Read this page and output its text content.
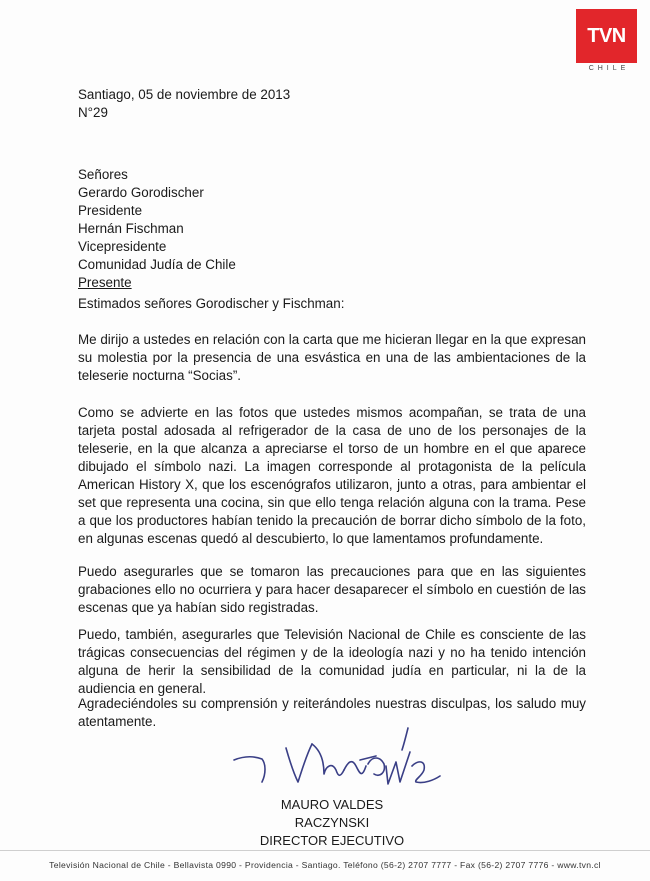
TVN
CHILE
Santiago, 05 de noviembre de 2013
N°29
Señores
Gerardo Gorodischer
Presidente
Hernán Fischman
Vicepresidente
Comunidad Judía de Chile
Presente
Estimados señores Gorodischer y Fischman:

Me dirijo a ustedes en relación con la carta que me hicieran llegar en la que expresan su molestia por la presencia de una esvástica en una de las ambientaciones de la teleserie nocturna “Socias”.

Como se advierte en las fotos que ustedes mismos acompañan, se trata de una tarjeta postal adosada al refrigerador de la casa de uno de los personajes de la teleserie, en la que alcanza a apreciarse el torso de un hombre en el que aparece dibujado el símbolo nazi. La imagen corresponde al protagonista de la película American History X, que los escenógrafos utilizaron, junto a otras, para ambientar el set que representa una cocina, sin que ello tenga relación alguna con la trama. Pese a que los productores habían tenido la precaución de borrar dicho símbolo de la foto, en algunas escenas quedó al descubierto, lo que lamentamos profundamente.

Puedo asegurarles que se tomaron las precauciones para que en las siguientes grabaciones ello no ocurriera y para hacer desaparecer el símbolo en cuestión de las escenas que ya habían sido registradas.

Puedo, también, asegurarles que Televisión Nacional de Chile es consciente de las trágicas consecuencias del régimen y de la ideología nazi y no ha tenido intención alguna de herir la sensibilidad de la comunidad judía en particular, ni la de la audiencia en general.

Agradeciéndoles su comprensión y reiterándoles nuestras disculpas, los saludo muy atentamente.

MAURO VALDES RACZYNSKI
DIRECTOR EJECUTIVO
Televisión Nacional de Chile - Bellavista 0990 - Providencia - Santiago. Teléfono (56-2) 2707 7777 - Fax (56-2) 2707 7776 - www.tvn.cl
